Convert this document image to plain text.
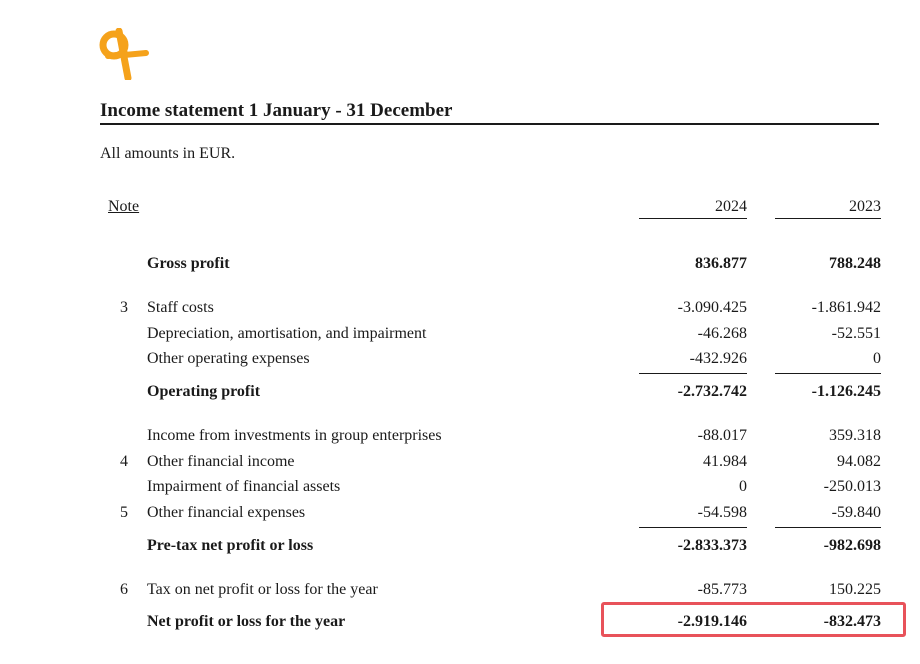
Income statement 1 January - 31 December
All amounts in EUR.
Note	2024	2023
Gross profit	836.877	788.248
3 Staff costs	-3.090.425	-1.861.942
Depreciation, amortisation, and impairment	-46.268	-52.551
Other operating expenses	-432.926	0
Operating profit	-2.732.742	-1.126.245
Income from investments in group enterprises	-88.017	359.318
4 Other financial income	41.984	94.082
Impairment of financial assets	0	-250.013
5 Other financial expenses	-54.598	-59.840
Pre-tax net profit or loss	-2.833.373	-982.698
6 Tax on net profit or loss for the year	-85.773	150.225
Net profit or loss for the year	-2.919.146	-832.473
